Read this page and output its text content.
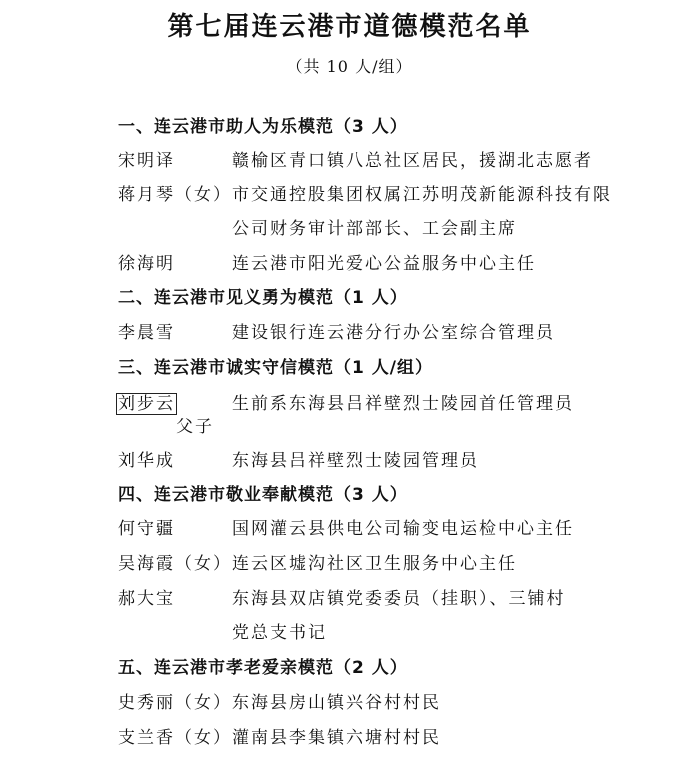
第七届连云港市道德模范名单
（共 10 人/组）
一、连云港市助人为乐模范（3 人）
宋明译	赣榆区青口镇八总社区居民，援湖北志愿者
蒋月琴（女） 市交通控股集团权属江苏明茂新能源科技有限
公司财务审计部部长、工会副主席
徐海明	连云港市阳光爱心公益服务中心主任
二、连云港市见义勇为模范（1 人）
李晨雪	建设银行连云港分行办公室综合管理员
三、连云港市诚实守信模范（1 人/组）
刘步云	生前系东海县吕祥壁烈士陵园首任管理员
父子
刘华成	东海县吕祥壁烈士陵园管理员
四、连云港市敬业奉献模范（3 人）
何守疆	国网灌云县供电公司输变电运检中心主任
吴海霞（女） 连云区墟沟社区卫生服务中心主任
郝大宝	东海县双店镇党委委员（挂职）、三铺村
党总支书记
五、连云港市孝老爱亲模范（2 人）
史秀丽（女） 东海县房山镇兴谷村村民
支兰香（女） 灌南县李集镇六塘村村民
